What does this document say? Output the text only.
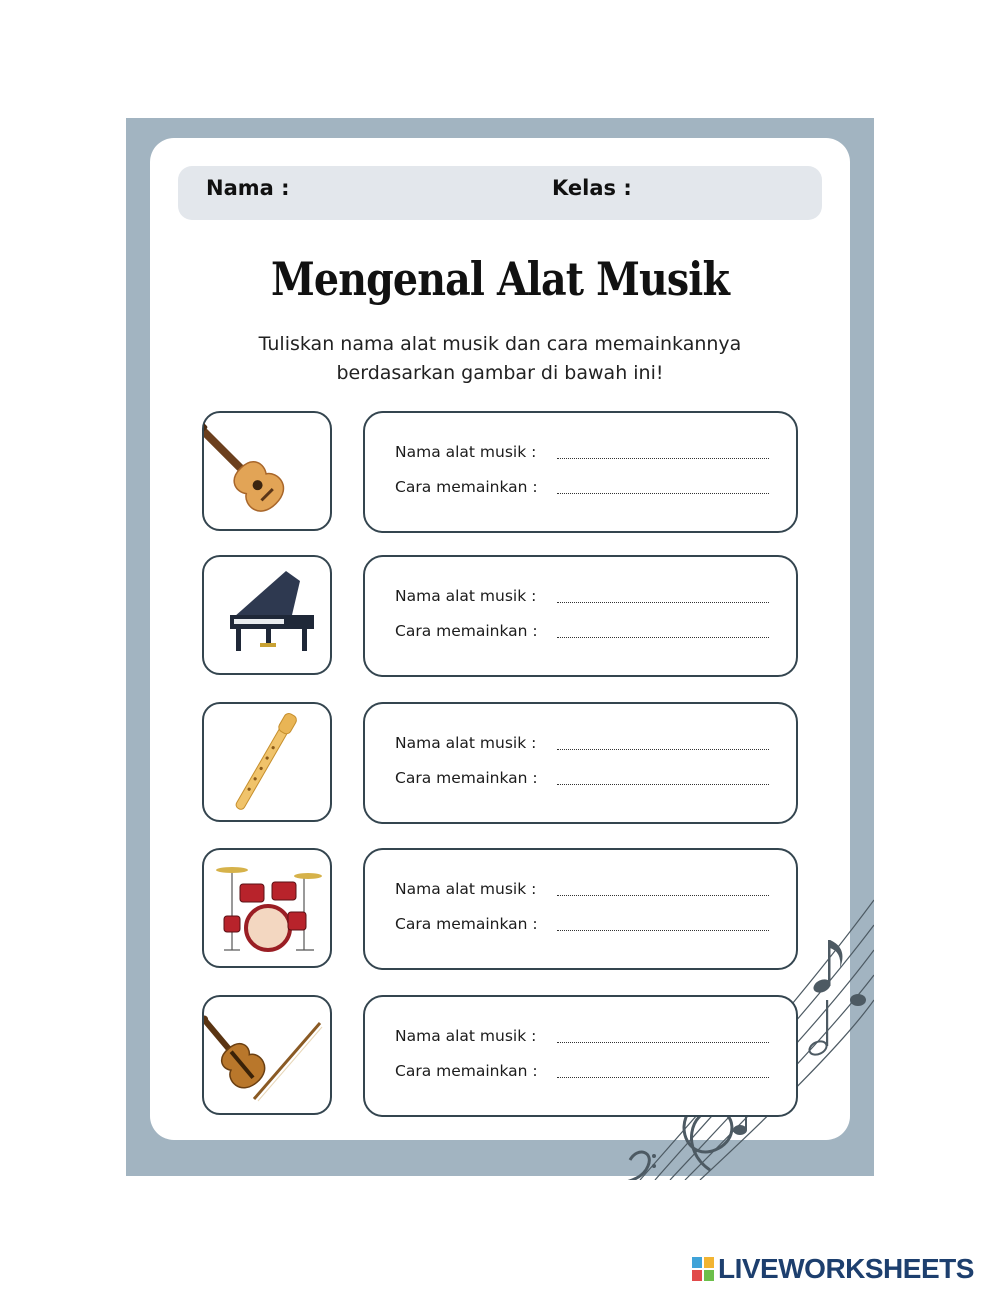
Nama :	Kelas :
Mengenal Alat Musik
Tuliskan nama alat musik dan cara memainkannya
berdasarkan gambar di bawah ini!
Nama alat musik :
Cara memainkan :
Nama alat musik :
Cara memainkan :
Nama alat musik :
Cara memainkan :
Nama alat musik :
Cara memainkan :
Nama alat musik :
Cara memainkan :
LIVEWORKSHEETS
